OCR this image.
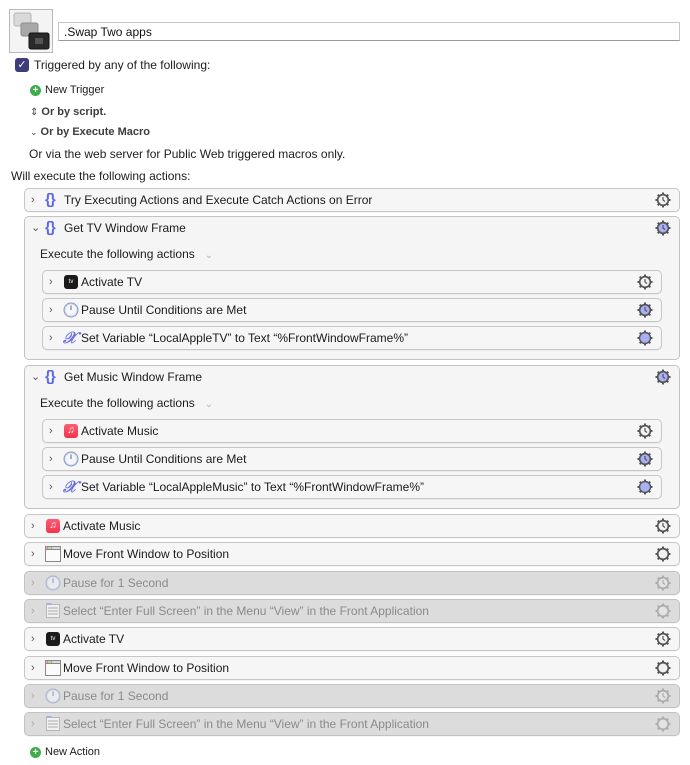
.Swap Two apps
✓ Triggered by any of the following:
+ New Trigger
⇕ Or by script.
⌄ Or by Execute Macro
Or via the web server for Public Web triggered macros only.
Will execute the following actions:
› {} Try Executing Actions and Execute Catch Actions on Error
⌄ {} Get TV Window Frame
Execute the following actions ⌄
›	tv Activate TV
› Pause Until Conditions are Met
› 𝒳 Set Variable “LocalAppleTV” to Text “%FrontWindowFrame%”
⌄ {} Get Music Window Frame
Execute the following actions ⌄
›	♫ Activate Music
› Pause Until Conditions are Met
› 𝒳 Set Variable “LocalAppleMusic” to Text “%FrontWindowFrame%”
›	♫ Activate Music
› Move Front Window to Position
› Pause for 1 Second
› Select “Enter Full Screen” in the Menu “View” in the Front Application
›	tv Activate TV
› Move Front Window to Position
› Pause for 1 Second
› Select “Enter Full Screen” in the Menu “View” in the Front Application
+ New Action
